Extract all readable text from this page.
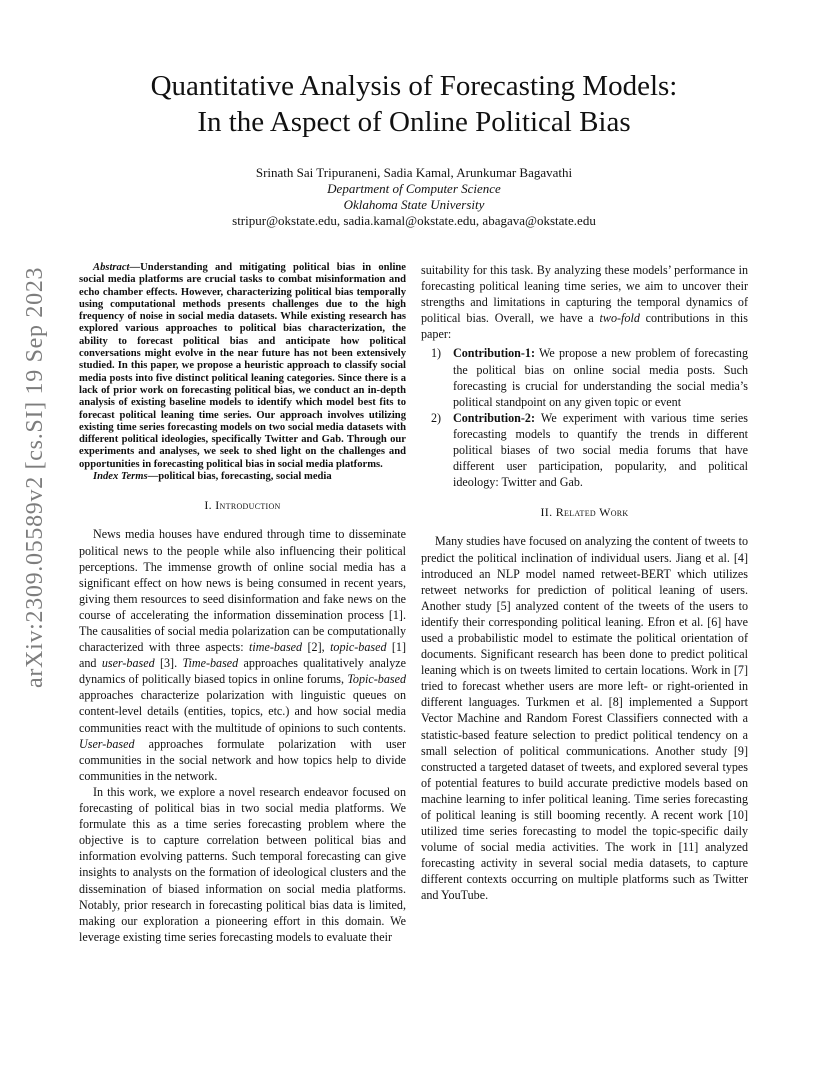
arXiv:2309.05589v2 [cs.SI] 19 Sep 2023
Quantitative Analysis of Forecasting Models:
In the Aspect of Online Political Bias
Srinath Sai Tripuraneni, Sadia Kamal, Arunkumar Bagavathi
Department of Computer Science
Oklahoma State University
stripur@okstate.edu, sadia.kamal@okstate.edu, abagava@okstate.edu

Abstract—Understanding and mitigating political bias in online social media platforms are crucial tasks to combat misinformation and echo chamber effects. However, characterizing political bias temporally using computational methods presents challenges due to the high frequency of noise in social media datasets. While existing research has explored various approaches to political bias characterization, the ability to forecast political bias and anticipate how political conversations might evolve in the near future has not been extensively studied. In this paper, we propose a heuristic approach to classify social media posts into five distinct political leaning categories. Since there is a lack of prior work on forecasting political bias, we conduct an in-depth analysis of existing baseline models to identify which model best fits to forecast political leaning time series. Our approach involves utilizing existing time series forecasting models on two social media datasets with different political ideologies, specifically Twitter and Gab. Through our experiments and analyses, we seek to shed light on the challenges and opportunities in forecasting political bias in social media platforms.

Index Terms—political bias, forecasting, social media

I. Introduction

News media houses have endured through time to disseminate political news to the people while also influencing their political perceptions. The immense growth of online social media has a significant effect on how news is being consumed in recent years, giving them resources to seed disinformation and fake news on the course of accelerating the information dissemination process [1]. The causalities of social media polarization can be computationally characterized with three aspects: time-based [2], topic-based [1] and user-based [3]. Time-based approaches qualitatively analyze dynamics of politically biased topics in online forums, Topic-based approaches characterize polarization with linguistic queues on content-level details (entities, topics, etc.) and how social media communities react with the multitude of opinions to such contents. User-based approaches formulate polarization with user communities in the social network and how topics help to divide communities in the network.

In this work, we explore a novel research endeavor focused on forecasting of political bias in two social media platforms. We formulate this as a time series forecasting problem where the objective is to capture correlation between political bias and information evolving patterns. Such temporal forecasting can give insights to analysts on the formation of ideological clusters and the dissemination of biased information on social media platforms. Notably, prior research in forecasting political bias data is limited, making our exploration a pioneering effort in this domain. We leverage existing time series forecasting models to evaluate their

suitability for this task. By analyzing these models’ performance in forecasting political leaning time series, we aim to uncover their strengths and limitations in capturing the temporal dynamics of political bias. Overall, we have a two-fold contributions in this paper:

1) Contribution-1: We propose a new problem of forecasting the political bias on online social media posts. Such forecasting is crucial for understanding the social media’s political standpoint on any given topic or event
2) Contribution-2: We experiment with various time series forecasting models to quantify the trends in different political biases of two social media forums that have different user participation, popularity, and political ideology: Twitter and Gab.
II. Related Work

Many studies have focused on analyzing the content of tweets to predict the political inclination of individual users. Jiang et al. [4] introduced an NLP model named retweet-BERT which utilizes retweet networks for prediction of political leaning of users. Another study [5] analyzed content of the tweets of the users to identify their corresponding political leaning. Efron et al. [6] have used a probabilistic model to estimate the political orientation of documents. Significant research has been done to predict political leaning which is on tweets limited to certain locations. Work in [7] tried to forecast whether users are more left- or right-oriented in different languages. Turkmen et al. [8] implemented a Support Vector Machine and Random Forest Classifiers connected with a statistic-based feature selection to predict political tendency on a small selection of political communications. Another study [9] constructed a targeted dataset of tweets, and explored several types of potential features to build accurate predictive models based on machine learning to infer political leaning. Time series forecasting of political leaning is still booming recently. A recent work [10] utilized time series forecasting to model the topic-specific daily volume of social media activities. The work in [11] analyzed forecasting activity in several social media datasets, to capture different contexts occurring on multiple platforms such as Twitter and YouTube.
